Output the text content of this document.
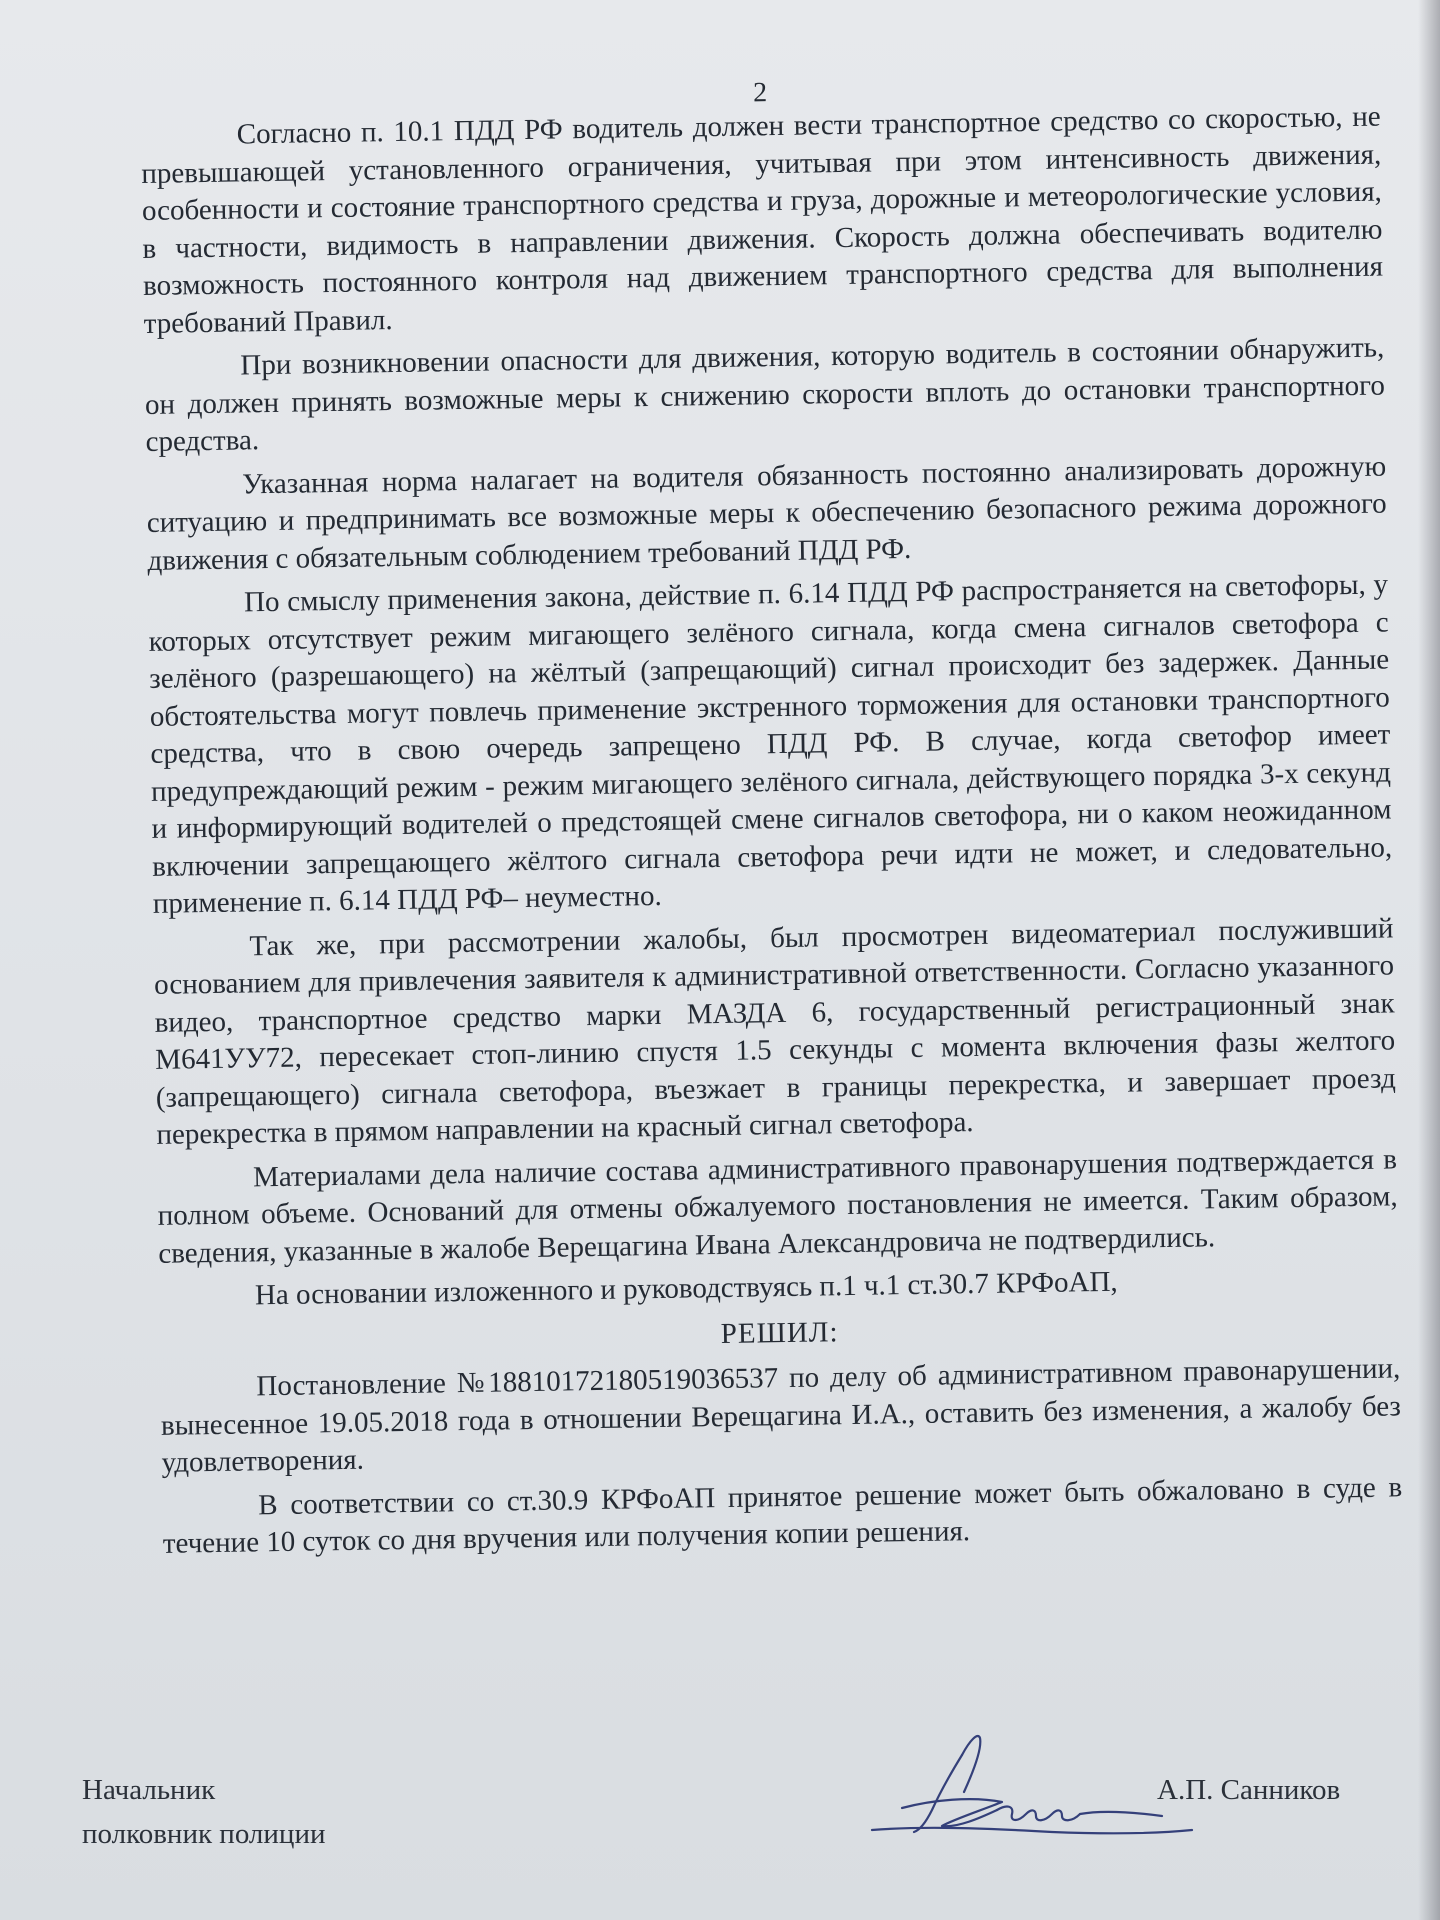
2

Согласно п. 10.1 ПДД РФ водитель должен вести транспортное средство со скоростью, не превышающей установленного ограничения, учитывая при этом интенсивность движения, особенности и состояние транспортного средства и груза, дорожные и метеорологические условия, в частности, видимость в направлении движения. Скорость должна обеспечивать водителю возможность постоянного контроля над движением транспортного средства для выполнения требований Правил.

При возникновении опасности для движения, которую водитель в состоянии обнаружить, он должен принять возможные меры к снижению скорости вплоть до остановки транспортного средства.

Указанная норма налагает на водителя обязанность постоянно анализировать дорожную ситуацию и предпринимать все возможные меры к обеспечению безопасного режима дорожного движения с обязательным соблюдением требований ПДД РФ.

По смыслу применения закона, действие п. 6.14 ПДД РФ распространяется на светофоры, у которых отсутствует режим мигающего зелёного сигнала, когда смена сигналов светофора с зелёного (разрешающего) на жёлтый (запрещающий) сигнал происходит без задержек. Данные обстоятельства могут повлечь применение экстренного торможения для остановки транспортного средства, что в свою очередь запрещено ПДД РФ. В случае, когда светофор имеет предупреждающий режим - режим мигающего зелёного сигнала, действующего порядка 3-х секунд и информирующий водителей о предстоящей смене сигналов светофора, ни о каком неожиданном включении запрещающего жёлтого сигнала светофора речи идти не может, и следовательно, применение п. 6.14 ПДД РФ– неуместно.

Так же, при рассмотрении жалобы, был просмотрен видеоматериал послуживший основанием для привлечения заявителя к административной ответственности. Согласно указанного видео, транспортное средство марки МАЗДА 6, государственный регистрационный знак М641УУ72, пересекает стоп-линию спустя 1.5 секунды с момента включения фазы желтого (запрещающего) сигнала светофора, въезжает в границы перекрестка, и завершает проезд перекрестка в прямом направлении на красный сигнал светофора.

Материалами дела наличие состава административного правонарушения подтверждается в полном объеме. Оснований для отмены обжалуемого постановления не имеется. Таким образом, сведения, указанные в жалобе Верещагина Ивана Александровича не подтвердились.

На основании изложенного и руководствуясь п.1 ч.1 ст.30.7 КРФоАП,

РЕШИЛ:

Постановление №18810172180519036537 по делу об административном правонарушении, вынесенное 19.05.2018 года в отношении Верещагина И.А., оставить без изменения, а жалобу без удовлетворения.

В соответствии со ст.30.9 КРФоАП принятое решение может быть обжаловано в суде в течение 10 суток со дня вручения или получения копии решения.

Начальник
полковник полиции
А.П. Санников
